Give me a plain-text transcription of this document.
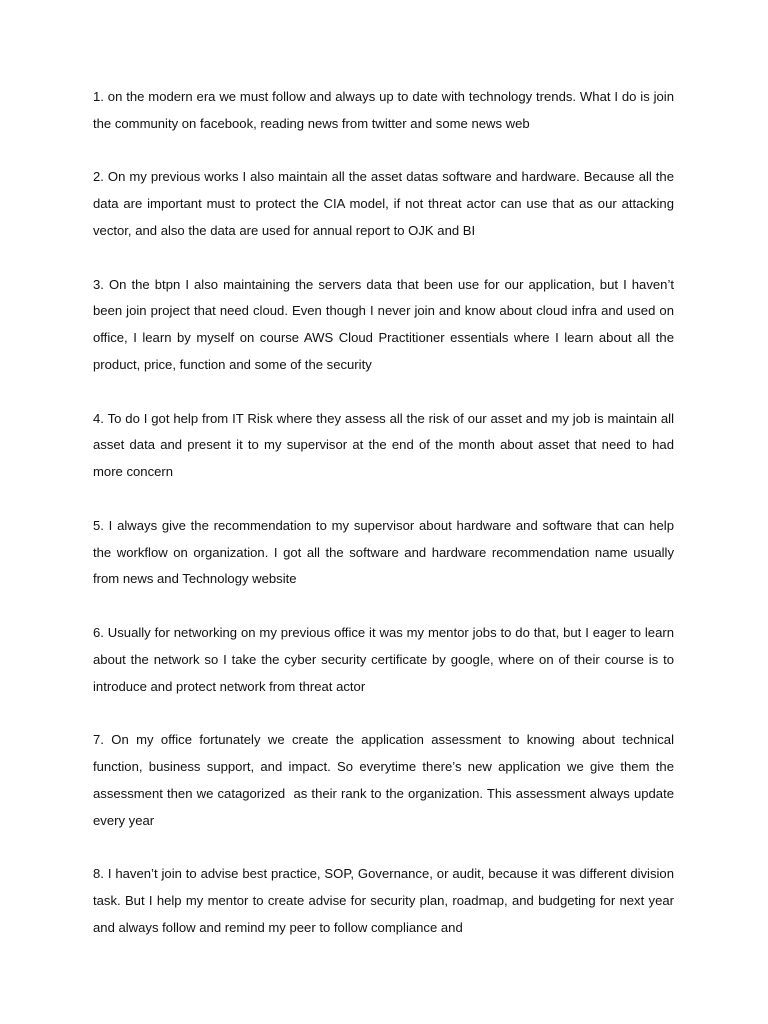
1. on the modern era we must follow and always up to date with technology trends. What I do is join the community on facebook, reading news from twitter and some news web

2. On my previous works I also maintain all the asset datas software and hardware. Because all the data are important must to protect the CIA model, if not threat actor can use that as our attacking vector, and also the data are used for annual report to OJK and BI

3. On the btpn I also maintaining the servers data that been use for our application, but I haven’t been join project that need cloud. Even though I never join and know about cloud infra and used on office, I learn by myself on course AWS Cloud Practitioner essentials where I learn about all the product, price, function and some of the security

4. To do I got help from IT Risk where they assess all the risk of our asset and my job is maintain all asset data and present it to my supervisor at the end of the month about asset that need to had more concern

5. I always give the recommendation to my supervisor about hardware and software that can help the workflow on organization. I got all the software and hardware recommendation name usually from news and Technology website

6. Usually for networking on my previous office it was my mentor jobs to do that, but I eager to learn about the network so I take the cyber security certificate by google, where on of their course is to introduce and protect network from threat actor

7. On my office fortunately we create the application assessment to knowing about technical function, business support, and impact. So everytime there’s new application we give them the assessment then we catagorized  as their rank to the organization. This assessment always update every year

8. I haven’t join to advise best practice, SOP, Governance, or audit, because it was different division task. But I help my mentor to create advise for security plan, roadmap, and budgeting for next year and always follow and remind my peer to follow compliance and
